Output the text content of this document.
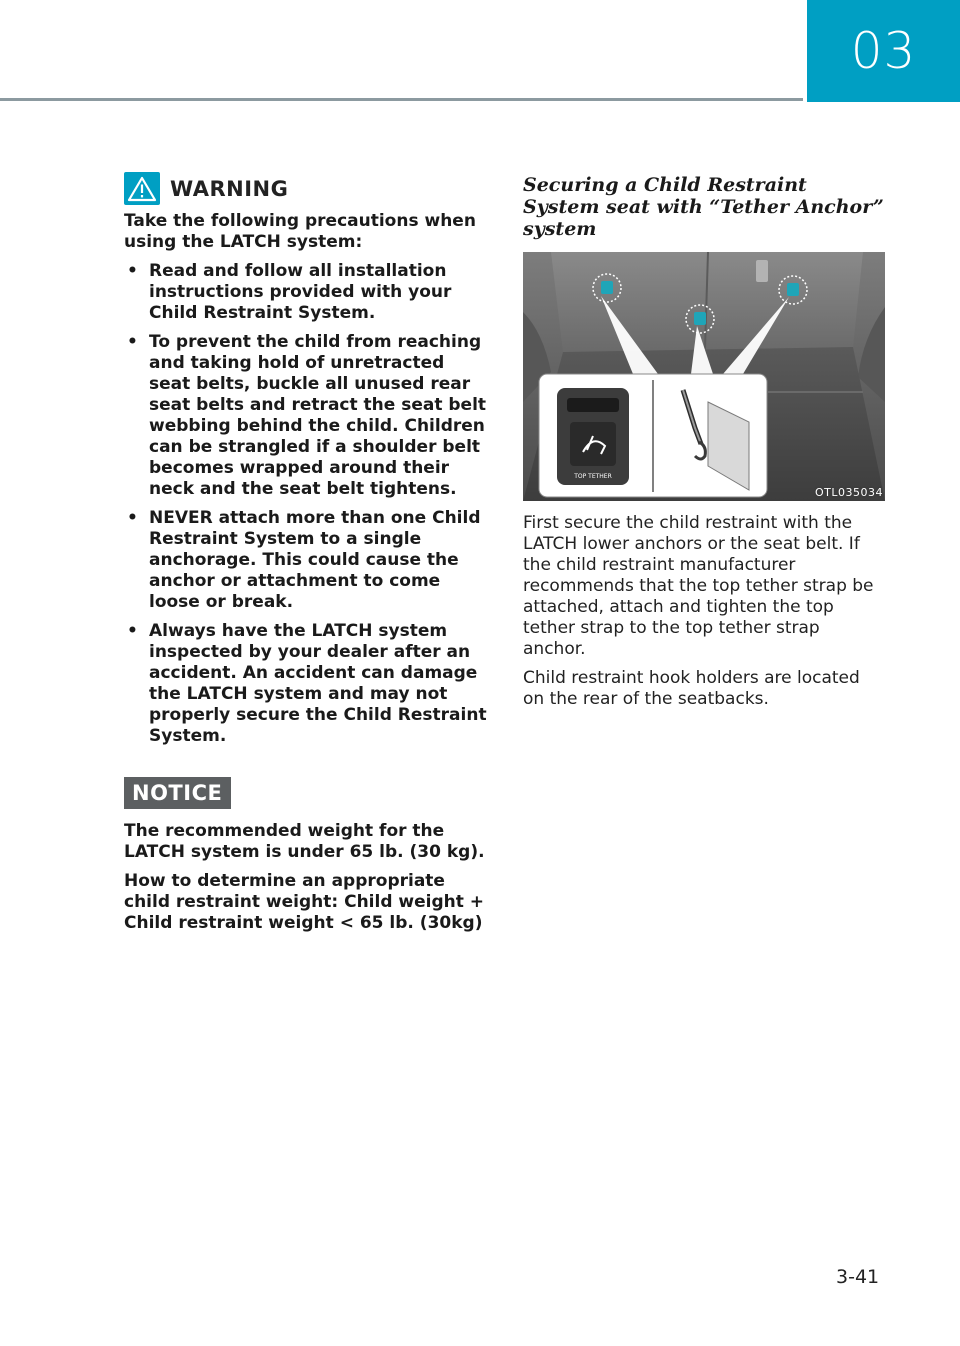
03
WARNING

Take the following precautions when using the LATCH system:

• Read and follow all installation instructions provided with your Child Restraint System.
• To prevent the child from reaching and taking hold of unretracted seat belts, buckle all unused rear seat belts and retract the seat belt webbing behind the child. Children can be strangled if a shoulder belt becomes wrapped around their neck and the seat belt tightens.
• NEVER attach more than one Child Restraint System to a single anchorage. This could cause the anchor or attachment to come loose or break.
• Always have the LATCH system inspected by your dealer after an accident. An accident can damage the LATCH system and may not properly secure the Child Restraint System.
NOTICE

The recommended weight for the LATCH system is under 65 lb. (30 kg).

How to determine an appropriate child restraint weight: Child weight + Child restraint weight < 65 lb. (30kg)

Securing a Child Restraint System seat with “Tether Anchor” system
TOP TETHER
OTL035034

First secure the child restraint with the LATCH lower anchors or the seat belt. If the child restraint manufacturer recommends that the top tether strap be attached, attach and tighten the top tether strap to the top tether strap anchor.

Child restraint hook holders are located on the rear of the seatbacks.

3-41
